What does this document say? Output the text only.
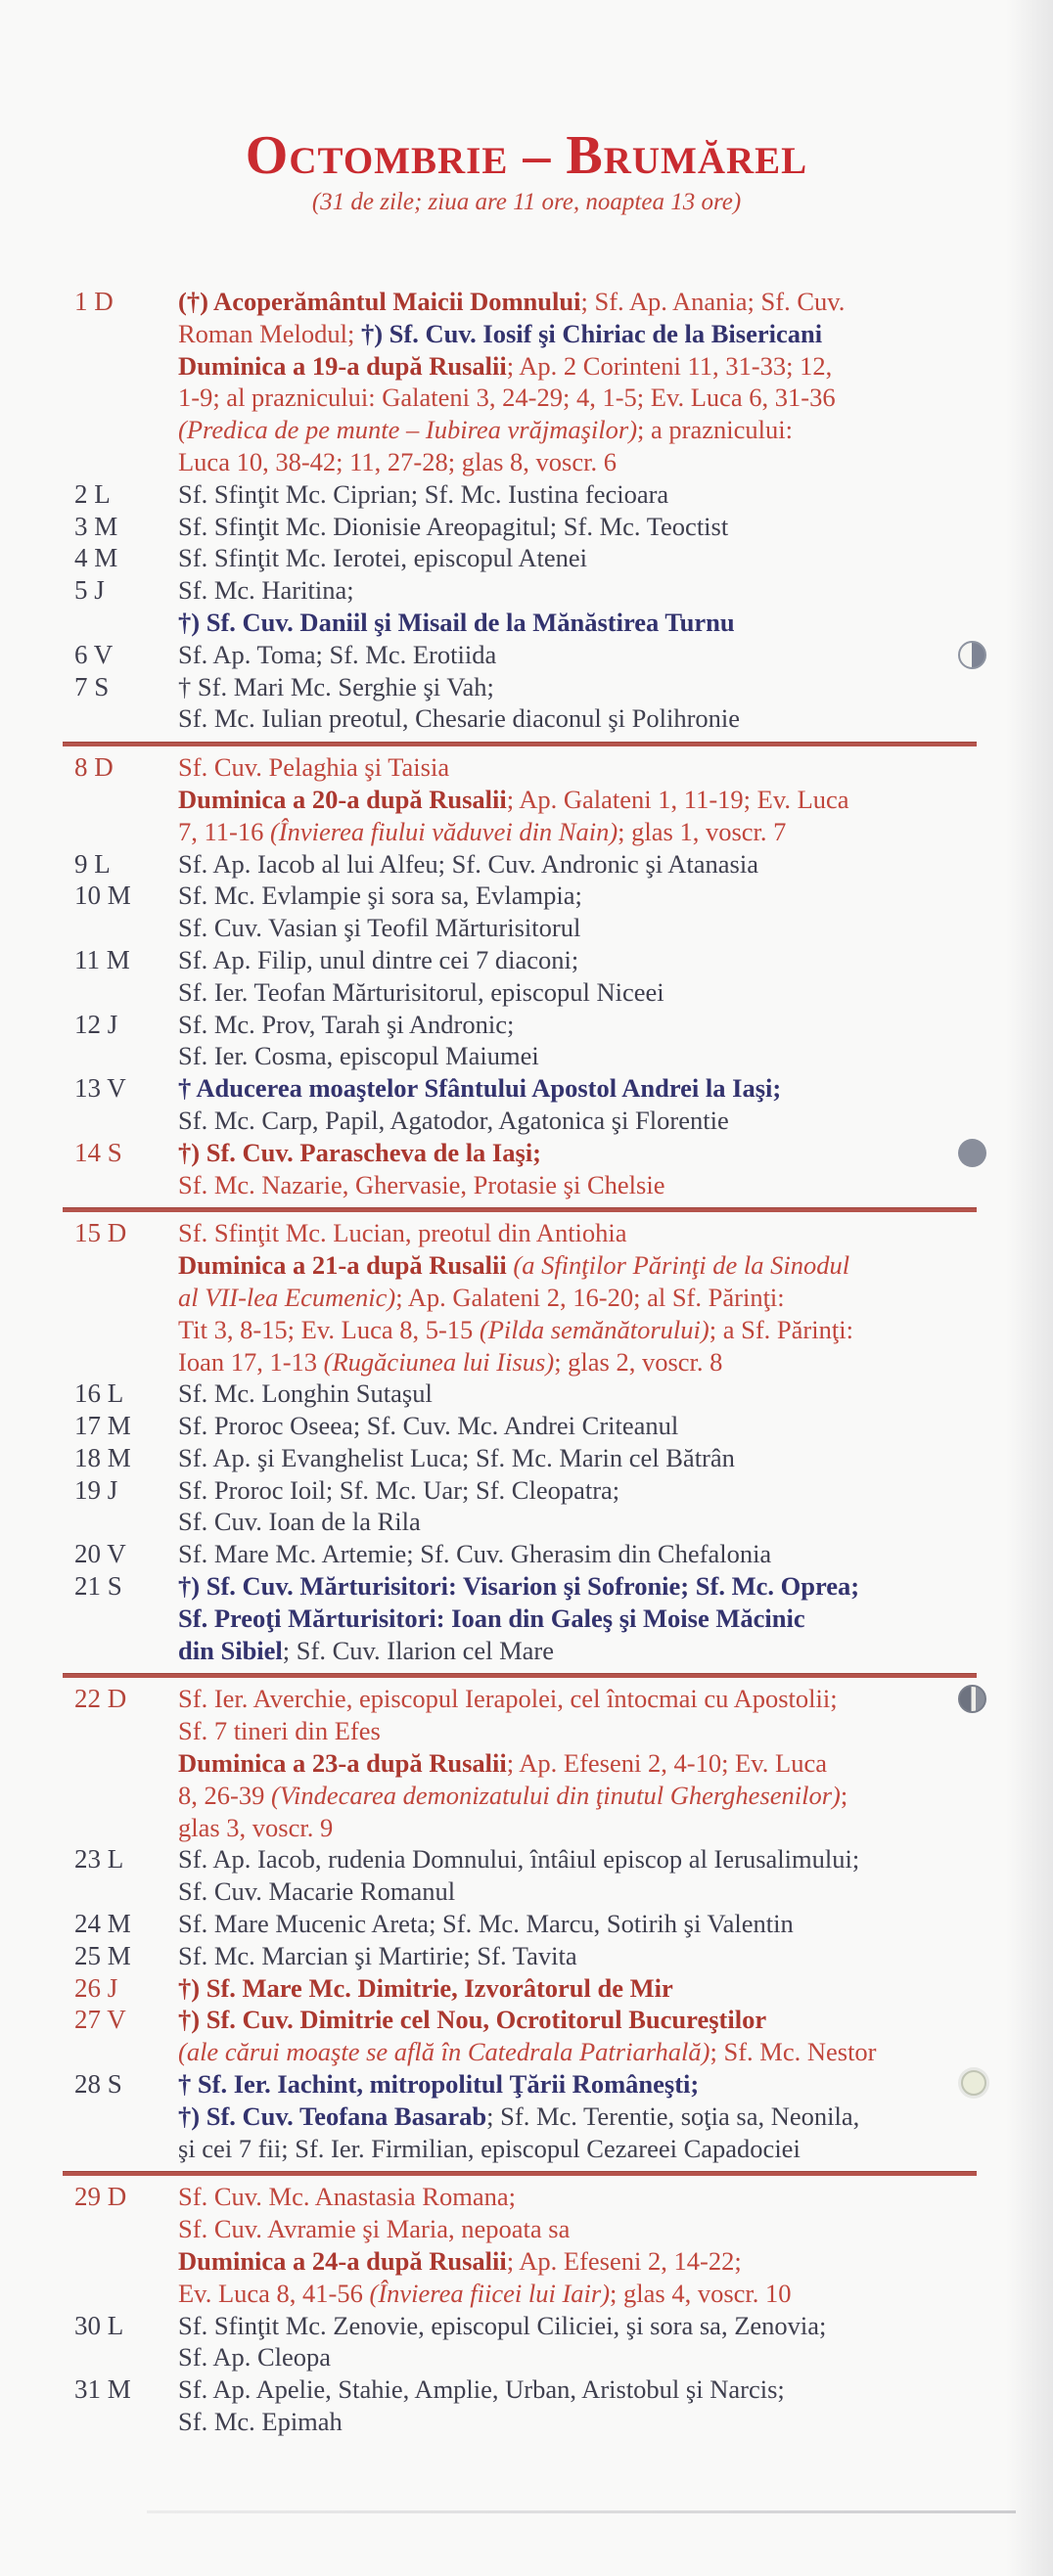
Octombrie – Brumărel
(31 de zile; ziua are 11 ore, noaptea 13 ore)
1 D	(†) Acoperământul Maicii Domnului; Sf. Ap. Anania; Sf. Cuv.
Roman Melodul; †) Sf. Cuv. Iosif şi Chiriac de la Bisericani
Duminica a 19-a după Rusalii; Ap. 2 Corinteni 11, 31-33; 12,
1-9; al praznicului: Galateni 3, 24-29; 4, 1-5; Ev. Luca 6, 31-36
(Predica de pe munte – Iubirea vrăjmaşilor); a praznicului:
Luca 10, 38-42; 11, 27-28; glas 8, voscr. 6
2 L	Sf. Sfinţit Mc. Ciprian; Sf. Mc. Iustina fecioara
3 M	Sf. Sfinţit Mc. Dionisie Areopagitul; Sf. Mc. Teoctist
4 M	Sf. Sfinţit Mc. Ierotei, episcopul Atenei
5 J	Sf. Mc. Haritina;
†) Sf. Cuv. Daniil şi Misail de la Mănăstirea Turnu
6 V	Sf. Ap. Toma; Sf. Mc. Erotiida
7 S	† Sf. Mari Mc. Serghie şi Vah;
Sf. Mc. Iulian preotul, Chesarie diaconul şi Polihronie
8 D	Sf. Cuv. Pelaghia şi Taisia
Duminica a 20-a după Rusalii; Ap. Galateni 1, 11-19; Ev. Luca
7, 11-16 (Învierea fiului văduvei din Nain); glas 1, voscr. 7
9 L	Sf. Ap. Iacob al lui Alfeu; Sf. Cuv. Andronic şi Atanasia
10 M	Sf. Mc. Evlampie şi sora sa, Evlampia;
Sf. Cuv. Vasian şi Teofil Mărturisitorul
11 M	Sf. Ap. Filip, unul dintre cei 7 diaconi;
Sf. Ier. Teofan Mărturisitorul, episcopul Niceei
12 J	Sf. Mc. Prov, Tarah şi Andronic;
Sf. Ier. Cosma, episcopul Maiumei
13 V	† Aducerea moaştelor Sfântului Apostol Andrei la Iaşi;
Sf. Mc. Carp, Papil, Agatodor, Agatonica şi Florentie
14 S	†) Sf. Cuv. Parascheva de la Iaşi;
Sf. Mc. Nazarie, Ghervasie, Protasie şi Chelsie
15 D	Sf. Sfinţit Mc. Lucian, preotul din Antiohia
Duminica a 21-a după Rusalii (a Sfinţilor Părinţi de la Sinodul
al VII-lea Ecumenic); Ap. Galateni 2, 16-20; al Sf. Părinţi:
Tit 3, 8-15; Ev. Luca 8, 5-15 (Pilda semănătorului); a Sf. Părinţi:
Ioan 17, 1-13 (Rugăciunea lui Iisus); glas 2, voscr. 8
16 L	Sf. Mc. Longhin Sutaşul
17 M	Sf. Proroc Oseea; Sf. Cuv. Mc. Andrei Criteanul
18 M	Sf. Ap. şi Evanghelist Luca; Sf. Mc. Marin cel Bătrân
19 J	Sf. Proroc Ioil; Sf. Mc. Uar; Sf. Cleopatra;
Sf. Cuv. Ioan de la Rila
20 V	Sf. Mare Mc. Artemie; Sf. Cuv. Gherasim din Chefalonia
21 S	†) Sf. Cuv. Mărturisitori: Visarion şi Sofronie; Sf. Mc. Oprea;
Sf. Preoţi Mărturisitori: Ioan din Galeş şi Moise Măcinic
din Sibiel; Sf. Cuv. Ilarion cel Mare
22 D	Sf. Ier. Averchie, episcopul Ierapolei, cel întocmai cu Apostolii;
Sf. 7 tineri din Efes
Duminica a 23-a după Rusalii; Ap. Efeseni 2, 4-10; Ev. Luca
8, 26-39 (Vindecarea demonizatului din ţinutul Gherghesenilor);
glas 3, voscr. 9
23 L	Sf. Ap. Iacob, rudenia Domnului, întâiul episcop al Ierusalimului;
Sf. Cuv. Macarie Romanul
24 M	Sf. Mare Mucenic Areta; Sf. Mc. Marcu, Sotirih şi Valentin
25 M	Sf. Mc. Marcian şi Martirie; Sf. Tavita
26 J	†) Sf. Mare Mc. Dimitrie, Izvorâtorul de Mir
27 V	†) Sf. Cuv. Dimitrie cel Nou, Ocrotitorul Bucureştilor
(ale cărui moaşte se află în Catedrala Patriarhală); Sf. Mc. Nestor
28 S	† Sf. Ier. Iachint, mitropolitul Ţării Româneşti;
†) Sf. Cuv. Teofana Basarab; Sf. Mc. Terentie, soţia sa, Neonila,
şi cei 7 fii; Sf. Ier. Firmilian, episcopul Cezareei Capadociei
29 D	Sf. Cuv. Mc. Anastasia Romana;
Sf. Cuv. Avramie şi Maria, nepoata sa
Duminica a 24-a după Rusalii; Ap. Efeseni 2, 14-22;
Ev. Luca 8, 41-56 (Învierea fiicei lui Iair); glas 4, voscr. 10
30 L	Sf. Sfinţit Mc. Zenovie, episcopul Ciliciei, şi sora sa, Zenovia;
Sf. Ap. Cleopa
31 M	Sf. Ap. Apelie, Stahie, Amplie, Urban, Aristobul şi Narcis;
Sf. Mc. Epimah
